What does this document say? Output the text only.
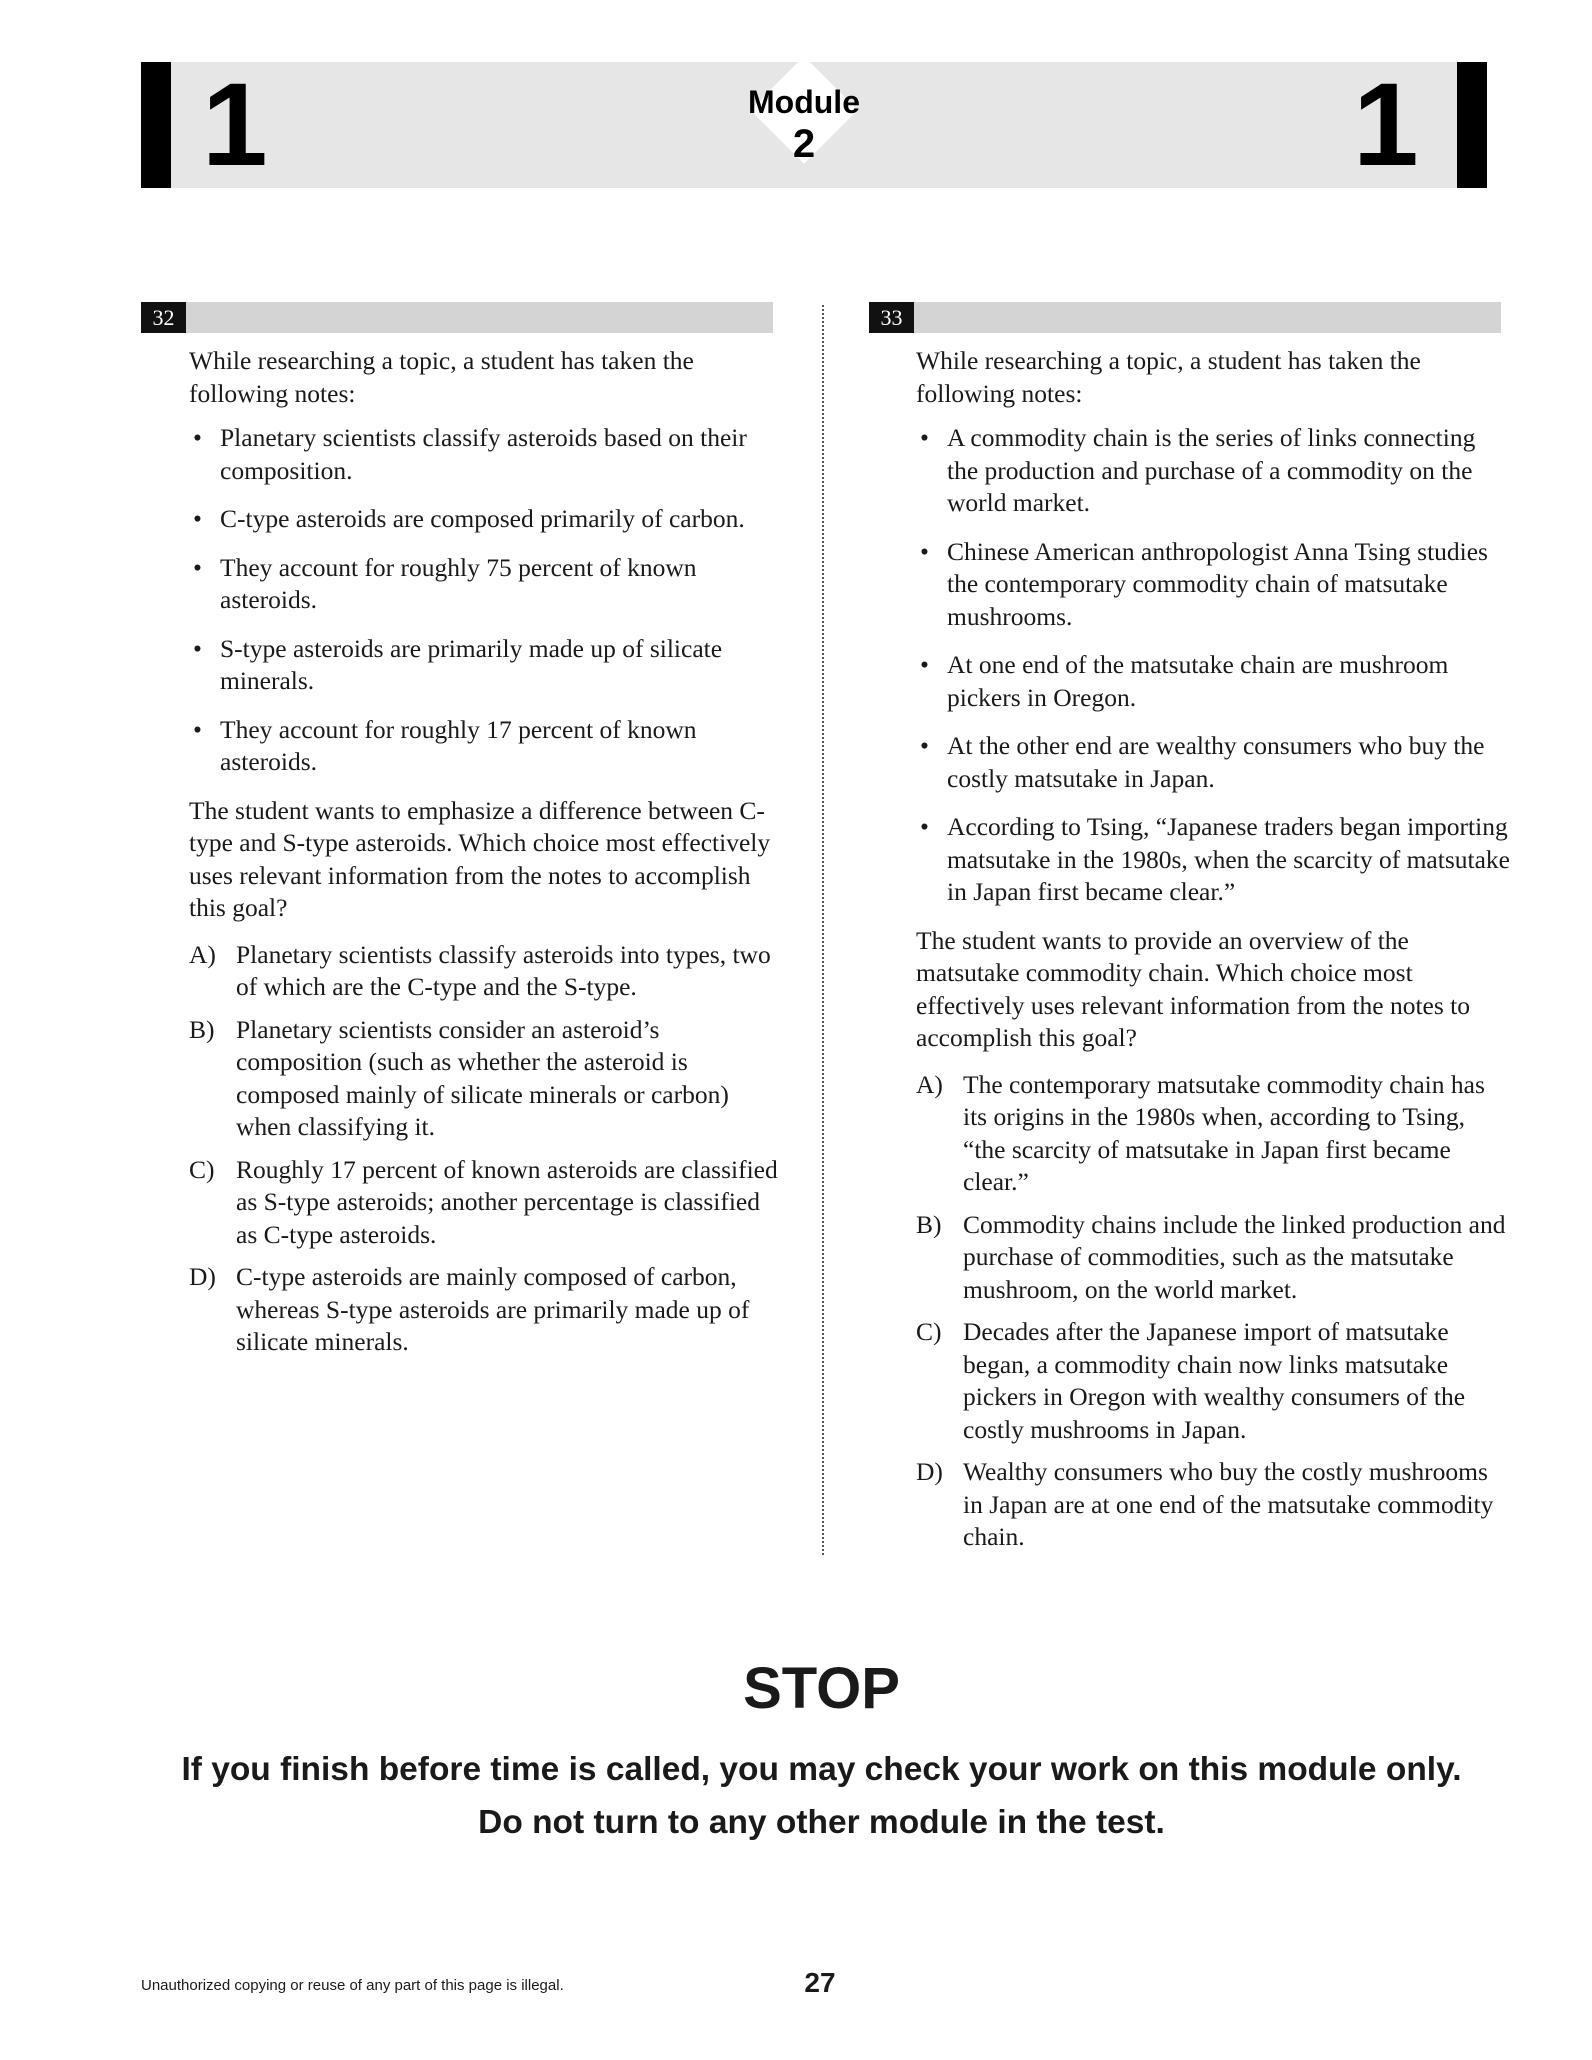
1	1
Module
2
32	33

While researching a topic, a student has taken the following notes:

• Planetary scientists classify asteroids based on their composition.
• C-type asteroids are composed primarily of carbon.
• They account for roughly 75 percent of known asteroids.
• S-type asteroids are primarily made up of silicate minerals.
• They account for roughly 17 percent of known asteroids.

The student wants to emphasize a difference between C-type and S-type asteroids. Which choice most effectively uses relevant information from the notes to accomplish this goal?

A) Planetary scientists classify asteroids into types, two of which are the C-type and the S-type.
B) Planetary scientists consider an asteroid’s composition (such as whether the asteroid is composed mainly of silicate minerals or carbon) when classifying it.
C) Roughly 17 percent of known asteroids are classified as S-type asteroids; another percentage is classified as C-type asteroids.
D) C-type asteroids are mainly composed of carbon, whereas S-type asteroids are primarily made up of silicate minerals.

While researching a topic, a student has taken the following notes:

• A commodity chain is the series of links connecting the production and purchase of a commodity on the world market.
• Chinese American anthropologist Anna Tsing studies the contemporary commodity chain of matsutake mushrooms.
• At one end of the matsutake chain are mushroom pickers in Oregon.
• At the other end are wealthy consumers who buy the costly matsutake in Japan.
• According to Tsing, “Japanese traders began importing matsutake in the 1980s, when the scarcity of matsutake in Japan first became clear.”

The student wants to provide an overview of the matsutake commodity chain. Which choice most effectively uses relevant information from the notes to accomplish this goal?

A) The contemporary matsutake commodity chain has its origins in the 1980s when, according to Tsing, “the scarcity of matsutake in Japan first became clear.”
B) Commodity chains include the linked production and purchase of commodities, such as the matsutake mushroom, on the world market.
C) Decades after the Japanese import of matsutake began, a commodity chain now links matsutake pickers in Oregon with wealthy consumers of the costly mushrooms in Japan.
D) Wealthy consumers who buy the costly mushrooms in Japan are at one end of the matsutake commodity chain.
STOP
If you finish before time is called, you may check your work on this module only.
Do not turn to any other module in the test.
Unauthorized copying or reuse of any part of this page is illegal.	27
